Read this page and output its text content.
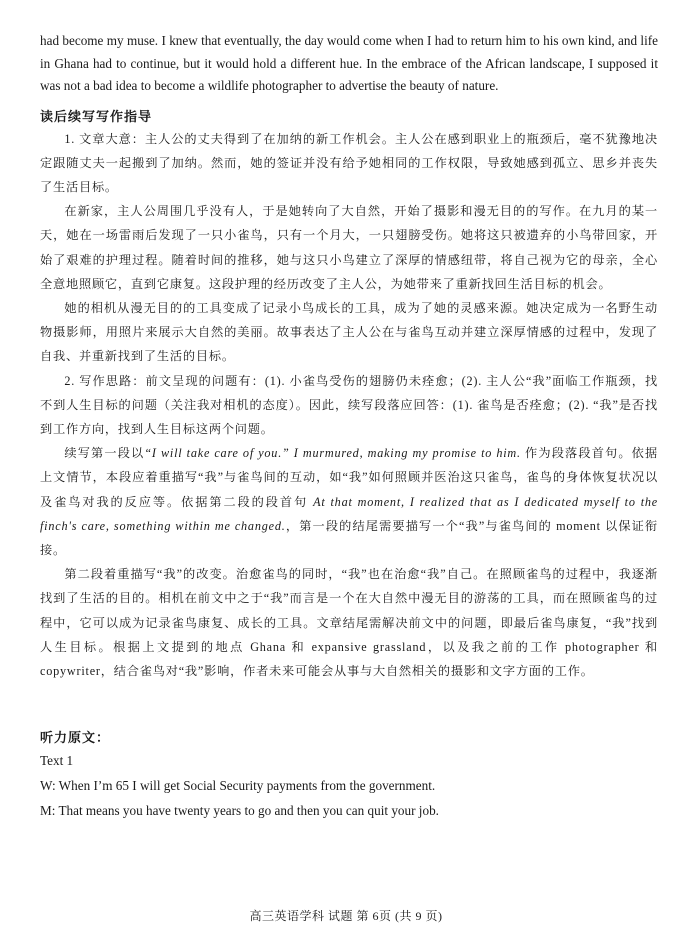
had become my muse. I knew that eventually, the day would come when I had to return him to his own kind, and life in Ghana had to continue, but it would hold a different hue. In the embrace of the African landscape, I supposed it was not a bad idea to become a wildlife photographer to advertise the beauty of nature.

读后续写写作指导

1. 文章大意：主人公的丈夫得到了在加纳的新工作机会。主人公在感到职业上的瓶颈后，毫不犹豫地决定跟随丈夫一起搬到了加纳。然而，她的签证并没有给予她相同的工作权限，导致她感到孤立、思乡并丧失了生活目标。

在新家，主人公周围几乎没有人，于是她转向了大自然，开始了摄影和漫无目的的写作。在九月的某一天，她在一场雷雨后发现了一只小雀鸟，只有一个月大，一只翅膀受伤。她将这只被遗弃的小鸟带回家，开始了艰难的护理过程。随着时间的推移，她与这只小鸟建立了深厚的情感纽带，将自己视为它的母亲，全心全意地照顾它，直到它康复。这段护理的经历改变了主人公，为她带来了重新找回生活目标的机会。

她的相机从漫无目的的工具变成了记录小鸟成长的工具，成为了她的灵感来源。她决定成为一名野生动物摄影师，用照片来展示大自然的美丽。故事表达了主人公在与雀鸟互动并建立深厚情感的过程中，发现了自我、并重新找到了生活的目标。

2. 写作思路：前文呈现的问题有：(1). 小雀鸟受伤的翅膀仍未痊愈；(2). 主人公“我”面临工作瓶颈，找不到人生目标的问题（关注我对相机的态度）。因此，续写段落应回答：(1). 雀鸟是否痊愈；(2). “我”是否找到工作方向，找到人生目标这两个问题。

续写第一段以“I will take care of you.” I murmured, making my promise to him. 作为段落段首句。依据上文情节，本段应着重描写“我”与雀鸟间的互动，如“我”如何照顾并医治这只雀鸟，雀鸟的身体恢复状况以及雀鸟对我的反应等。依据第二段的段首句 At that moment, I realized that as I dedicated myself to the finch's care, something within me changed.，第一段的结尾需要描写一个“我”与雀鸟间的 moment 以保证衔接。

第二段着重描写“我”的改变。治愈雀鸟的同时，“我”也在治愈“我”自己。在照顾雀鸟的过程中，我逐渐找到了生活的目的。相机在前文中之于“我”而言是一个在大自然中漫无目的游荡的工具，而在照顾雀鸟的过程中，它可以成为记录雀鸟康复、成长的工具。文章结尾需解决前文中的问题，即最后雀鸟康复，“我”找到人生目标。根据上文提到的地点 Ghana 和 expansive grassland，以及我之前的工作 photographer 和 copywriter，结合雀鸟对“我”影响，作者未来可能会从事与大自然相关的摄影和文字方面的工作。

听力原文：

Text 1

W: When I’m 65 I will get Social Security payments from the government.

M: That means you have twenty years to go and then you can quit your job.

高三英语学科 试题 第 6页 (共 9 页)
